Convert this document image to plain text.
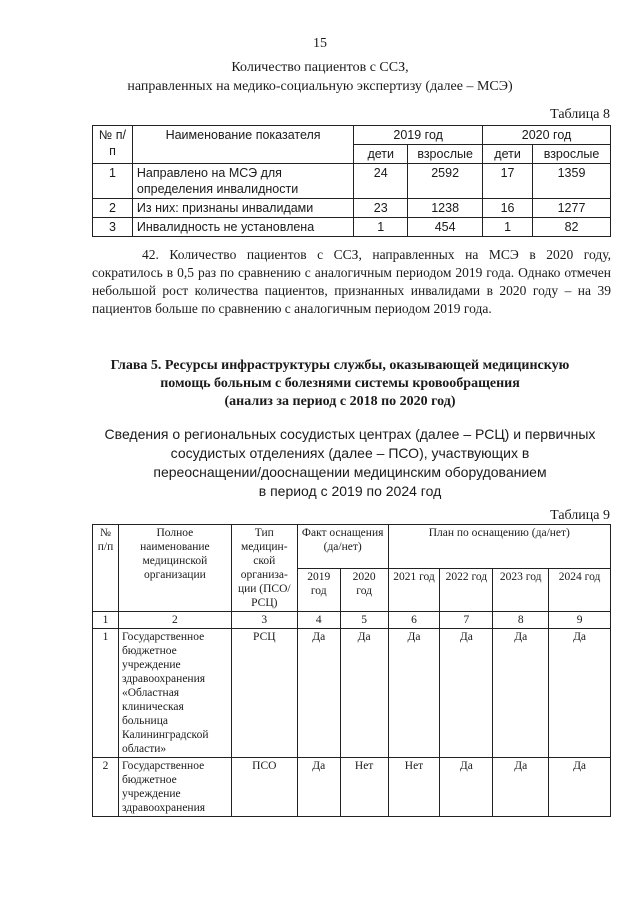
15
Количество пациентов с ССЗ,
направленных на медико-социальную экспертизу (далее – МСЭ)
Таблица 8
№ п/п	Наименование показателя	2019 год		2020 год	
		дети	взрослые	дети	взрослые
1	Направлено на МСЭ для определения инвалидности	24	2592	17	1359
2	Из них: признаны инвалидами	23	1238	16	1277
3	Инвалидность не установлена	1	454	1	82

42. Количество пациентов с ССЗ, направленных на МСЭ в 2020 году, сократилось в 0,5 раз по сравнению с аналогичным периодом 2019 года. Однако отмечен небольшой рост количества пациентов, признанных инвалидами в 2020 году – на 39 пациентов больше по сравнению с аналогичным периодом 2019 года.

Глава 5. Ресурсы инфраструктуры службы, оказывающей медицинскую
помощь больным с болезнями системы кровообращения
(анализ за период с 2018 по 2020 год)
Сведения о региональных сосудистых центрах (далее – РСЦ) и первичных
сосудистых отделениях (далее – ПСО), участвующих в
переоснащении/дооснащении медицинским оборудованием
в период с 2019 по 2024 год
Таблица 9
№ п/п	Полное наименование медицинской организации	Тип медицин-ской организа-ции (ПСО/ РСЦ)	Факт оснащения (да/нет)		План по оснащению (да/нет)			
			2019 год	2020 год	2021 год	2022 год	2023 год	2024 год
1	2	3	4	5	6	7	8	9
1	Государственное бюджетное учреждение здравоохранения «Областная клиническая больница Калининградской области»	РСЦ	Да	Да	Да	Да	Да	Да
2	Государственное бюджетное учреждение здравоохранения	ПСО	Да	Нет	Нет	Да	Да	Да
